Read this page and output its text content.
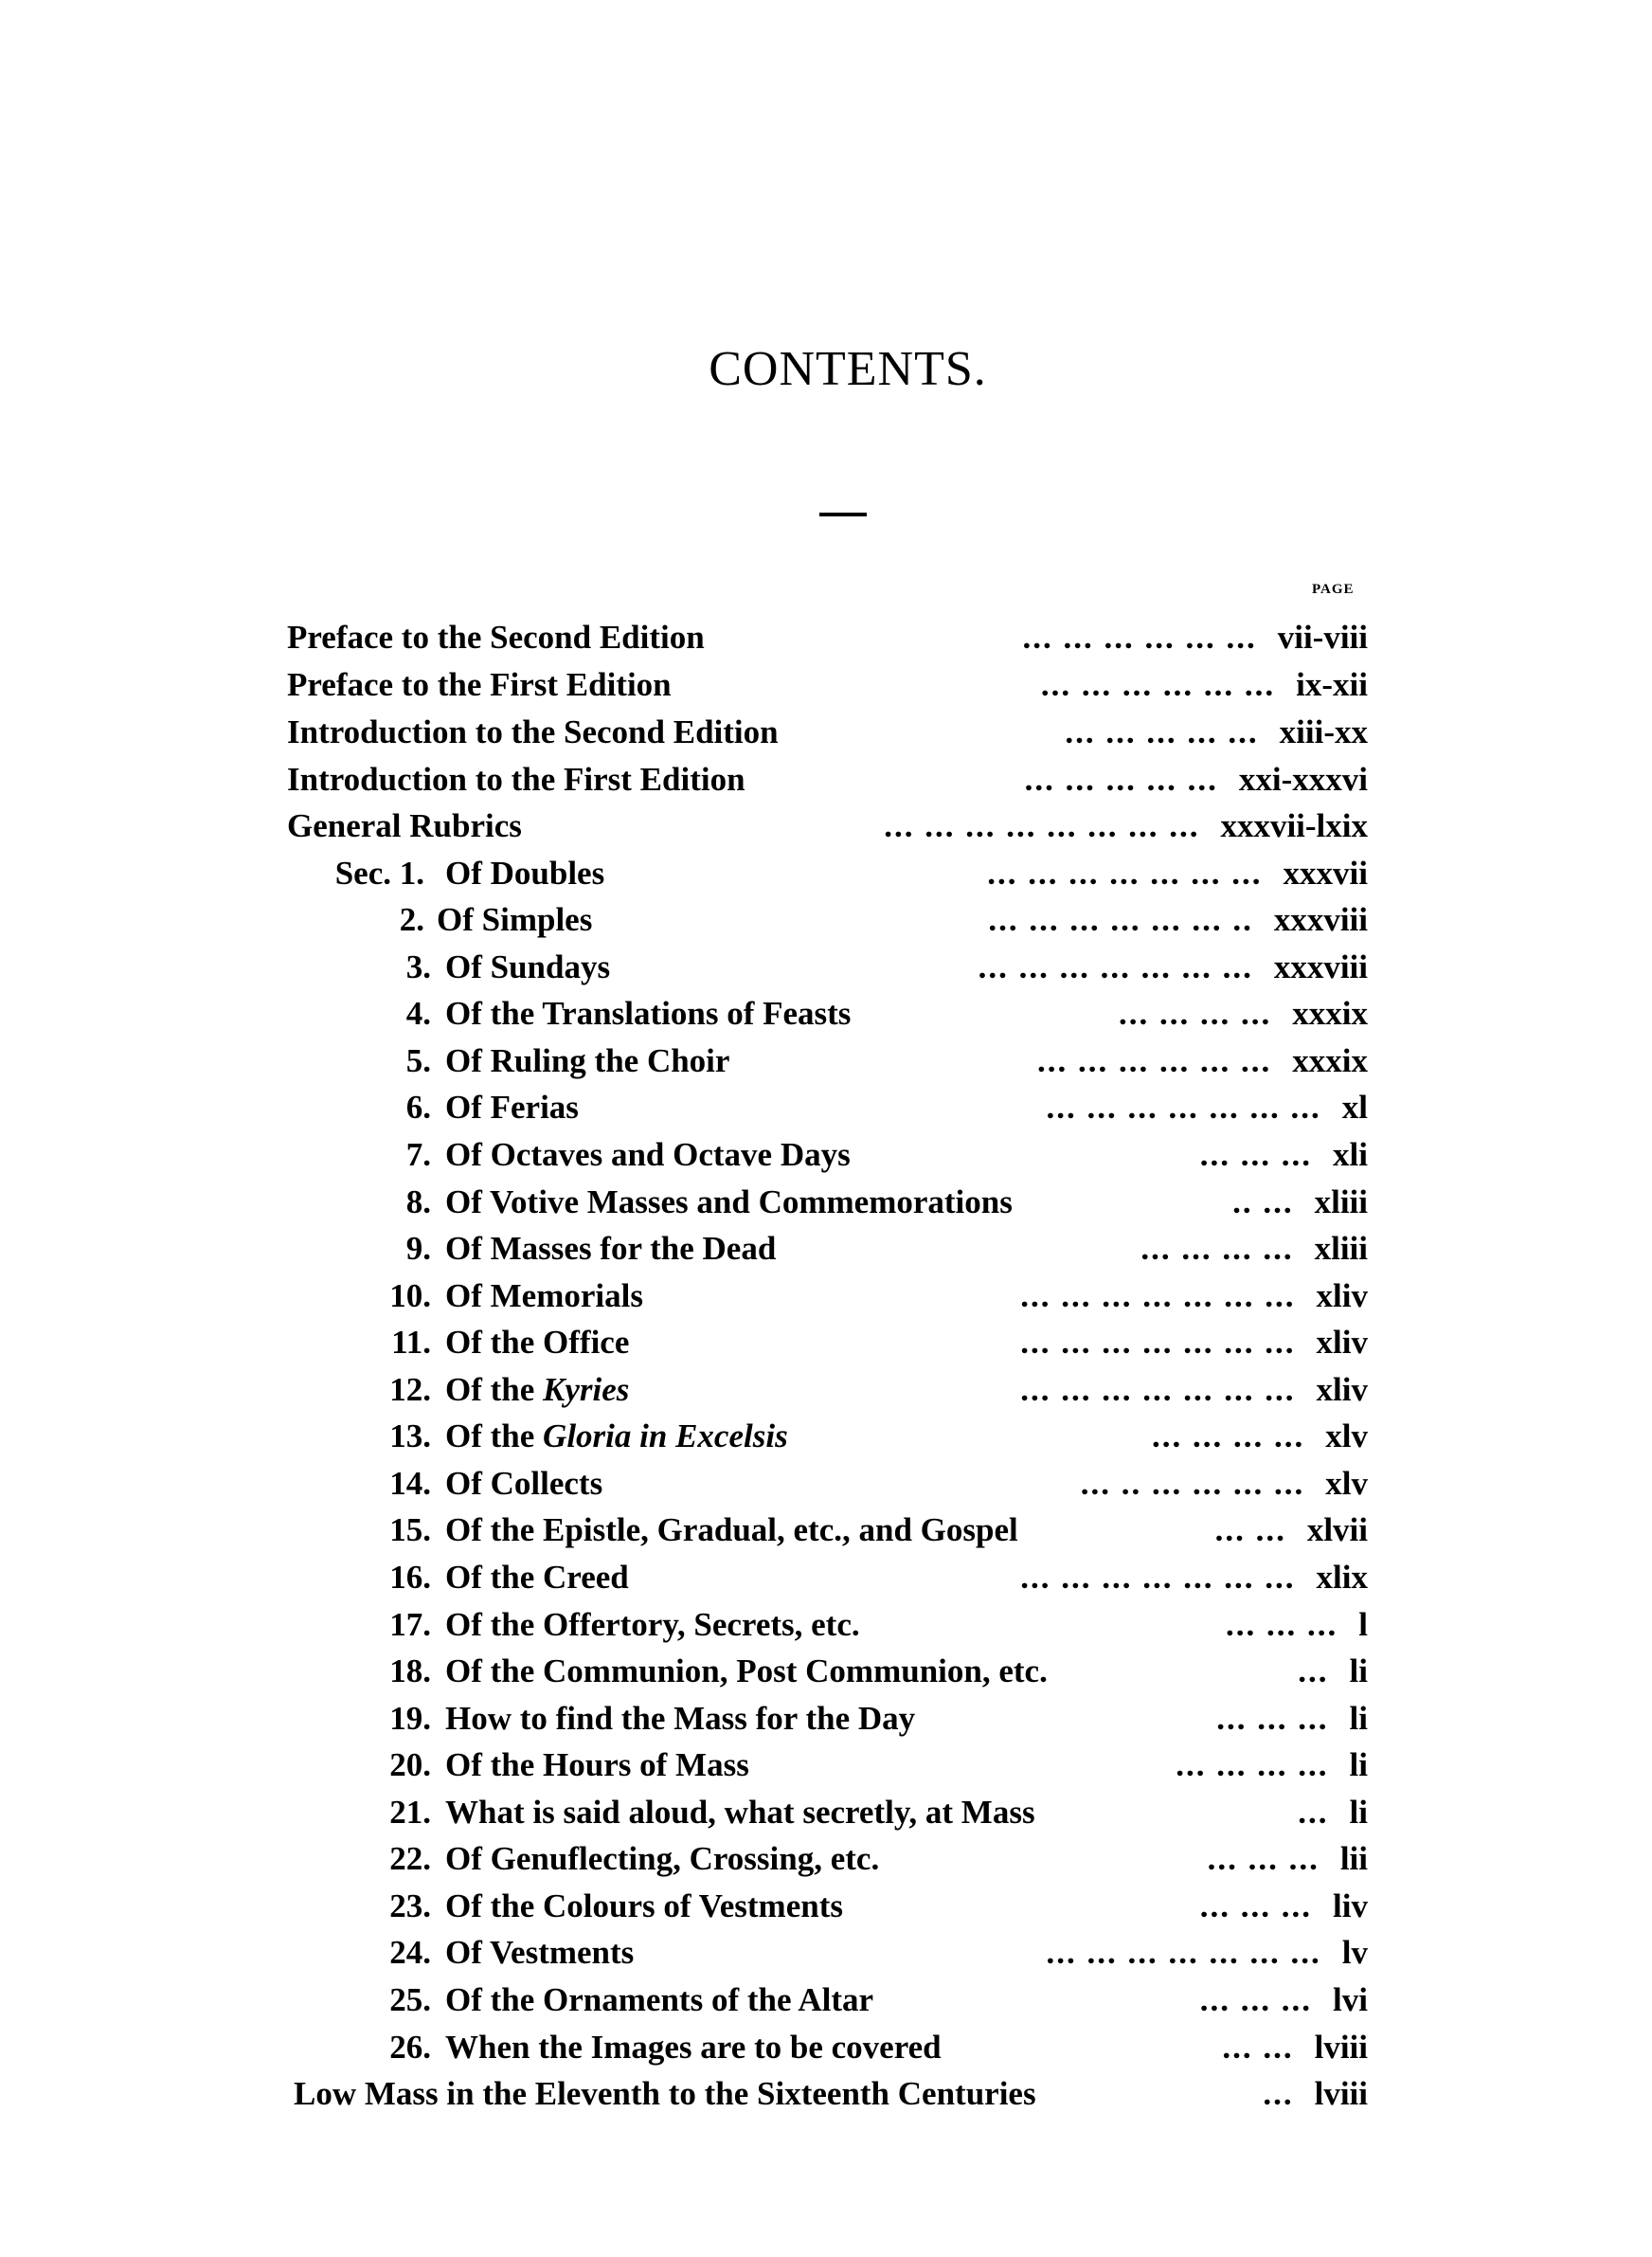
CONTENTS.
PAGE
Preface to the Second Edition	... ... ... ... ... ... vii-viii
Preface to the First Edition	... ... ... ... ... ... ix-xii
Introduction to the Second Edition	... ... ... ... ... xiii-xx
Introduction to the First Edition	... ... ... ... ... xxi-xxxvi
General Rubrics	... ... ... ... ... ... ... ... xxxvii-lxix
Sec. 1. Of Doubles	... ... ... ... ... ... ... xxxvii
2. Of Simples	... ... ... ... ... ... .. xxxviii
3. Of Sundays	... ... ... ... ... ... ... xxxviii
4. Of the Translations of Feasts	... ... ... ... xxxix
5. Of Ruling the Choir	... ... ... ... ... ... xxxix
6. Of Ferias	... ... ... ... ... ... ... xl
7. Of Octaves and Octave Days	... ... ... xli
8. Of Votive Masses and Commemorations	.. ... xliii
9. Of Masses for the Dead	... ... ... ... xliii
10. Of Memorials	... ... ... ... ... ... ... xliv
11. Of the Office	... ... ... ... ... ... ... xliv
12. Of the Kyries	... ... ... ... ... ... ... xliv
13. Of the Gloria in Excelsis	... ... ... ... xlv
14. Of Collects	... .. ... ... ... ... xlv
15. Of the Epistle, Gradual, etc., and Gospel	... ... xlvii
16. Of the Creed	... ... ... ... ... ... ... xlix
17. Of the Offertory, Secrets, etc.	... ... ... l
18. Of the Communion, Post Communion, etc.	... li
19. How to find the Mass for the Day	... ... ... li
20. Of the Hours of Mass	... ... ... ... li
21. What is said aloud, what secretly, at Mass	... li
22. Of Genuflecting, Crossing, etc.	... ... ... lii
23. Of the Colours of Vestments	... ... ... liv
24. Of Vestments	... ... ... ... ... ... ... lv
25. Of the Ornaments of the Altar	... ... ... lvi
26. When the Images are to be covered	... ... lviii
Low Mass in the Eleventh to the Sixteenth Centuries	... lviii
